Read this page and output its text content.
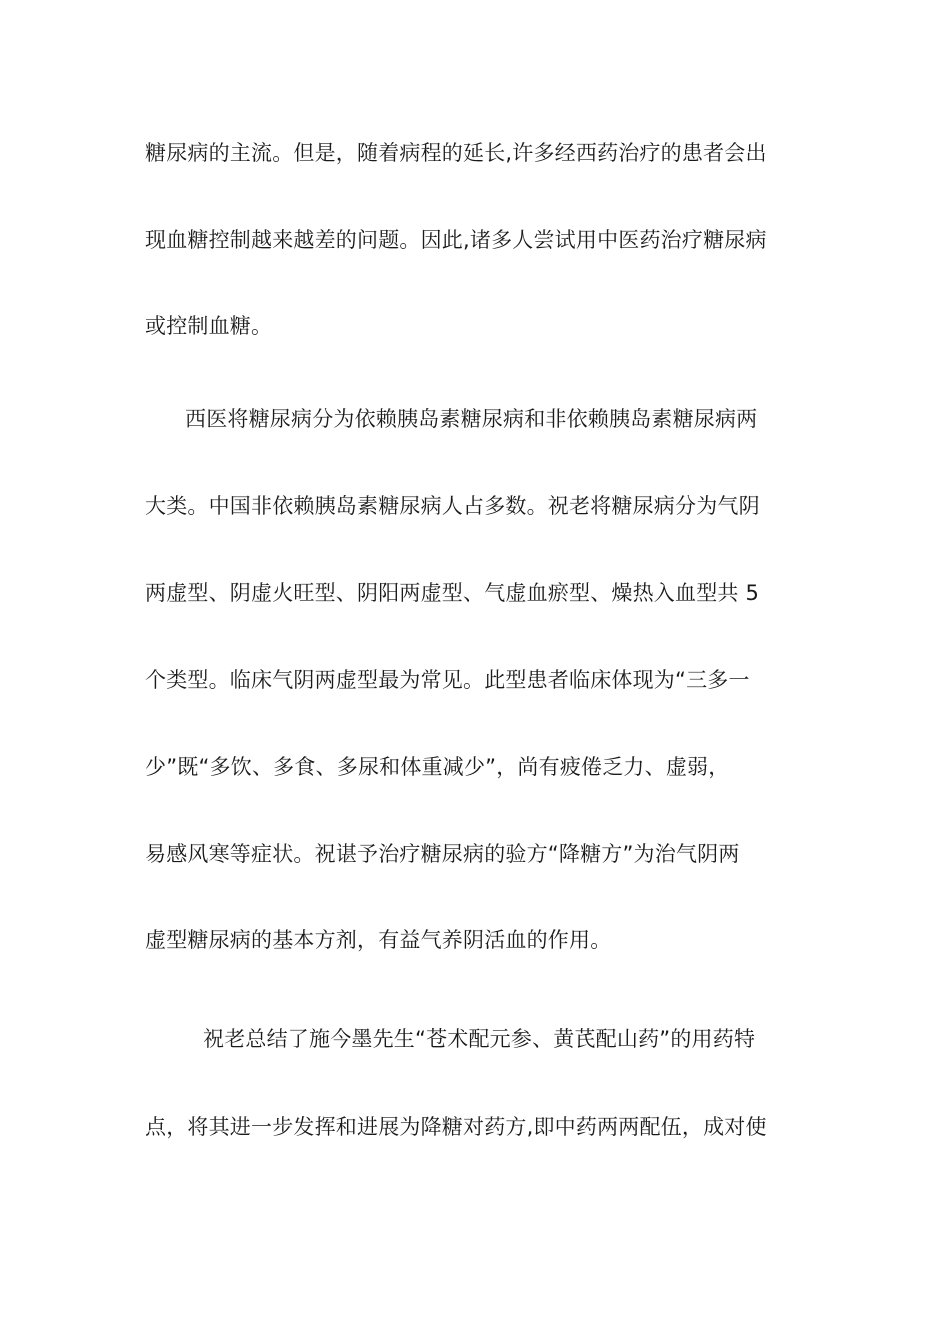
糖尿病的主流。但是，随着病程的延长,许多经西药治疗的患者会出
现血糖控制越来越差的问题。因此,诸多人尝试用中医药治疗糖尿病
或控制血糖。
西医将糖尿病分为依赖胰岛素糖尿病和非依赖胰岛素糖尿病两
大类。中国非依赖胰岛素糖尿病人占多数。祝老将糖尿病分为气阴
两虚型、阴虚火旺型、阴阳两虚型、气虚血瘀型、燥热入血型共 5
个类型。临床气阴两虚型最为常见。此型患者临床体现为“三多一
少”既“多饮、多食、多尿和体重减少”，尚有疲倦乏力、虚弱，
易感风寒等症状。祝谌予治疗糖尿病的验方“降糖方”为治气阴两
虚型糖尿病的基本方剂，有益气养阴活血的作用。
祝老总结了施今墨先生“苍术配元参、黄芪配山药”的用药特
点，将其进一步发挥和进展为降糖对药方,即中药两两配伍，成对使
